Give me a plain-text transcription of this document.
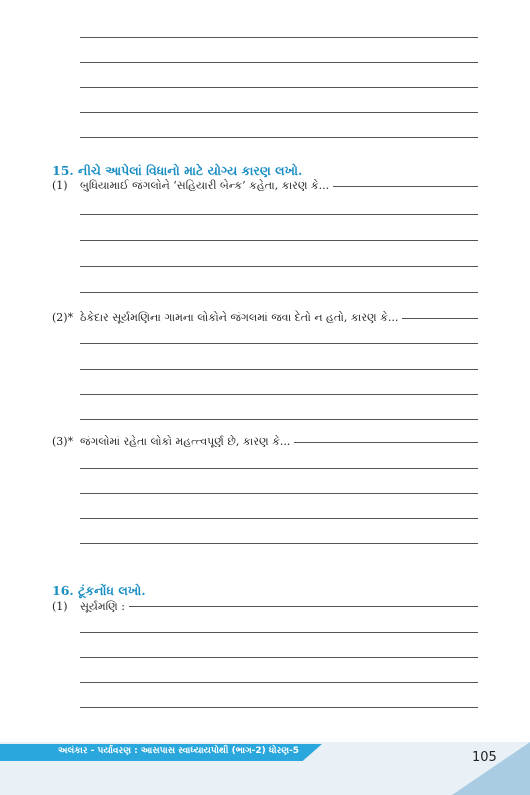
15. નીચે આપેલાં વિધાનો માટે યોગ્ય કારણ લખો.
(1) બુધિયામાઈ જંગલોને ‘સહિયારી બેન્ક’ કહેતા, કારણ કે...
(2)* ઠેકેદાર સૂર્યમણિના ગામના લોકોને જંગલમાં જવા દેતો ન હતો, કારણ કે...
(3)* જંગલોમાં રહેતા લોકો મહત્ત્વપૂર્ણ છે, કારણ કે...
16. ટૂંકનોંધ લખો.
(1) સૂર્યમણિ :
અલંકાર - પર્યાવરણ : આસપાસ સ્વાધ્યાયપોથી (ભાગ-2) ધોરણ-5	105
